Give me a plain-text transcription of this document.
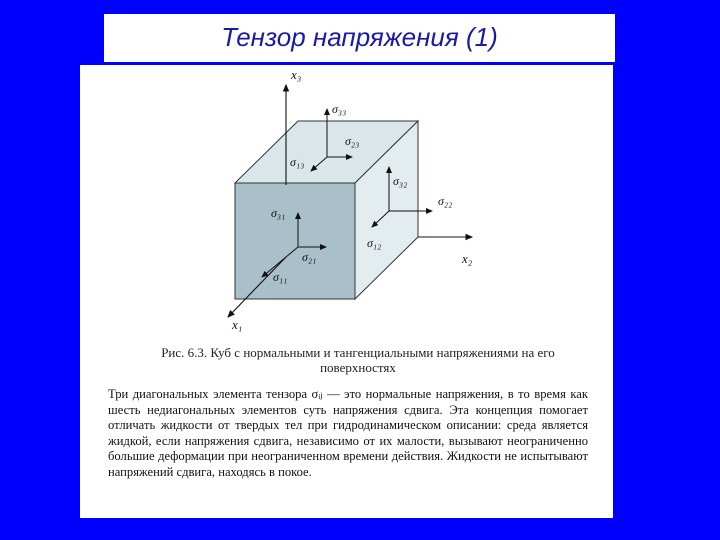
Тензор напряжения (1)
x₃
σ₃₃
σ₂₃
σ₁₃
σ₃₂
σ₂₂
σ₁₂
σ₃₁
σ₂₁
σ₁₁
x₂
x₁
Рис. 6.3. Куб с нормальными и тангенциальными напряжениями на его поверхностях
Три диагональных элемента тензора σᵢⱼ — это нормальные напряжения, в то время как шесть недиагональных элементов суть напряжения сдвига. Эта концепция помогает отличать жидкости от твердых тел при гидродинамическом описании: среда является жидкой, если напряжения сдвига, независимо от их малости, вызывают неограниченно большие деформации при неограниченном времени действия. Жидкости не испытывают напряжений сдвига, находясь в покое.
